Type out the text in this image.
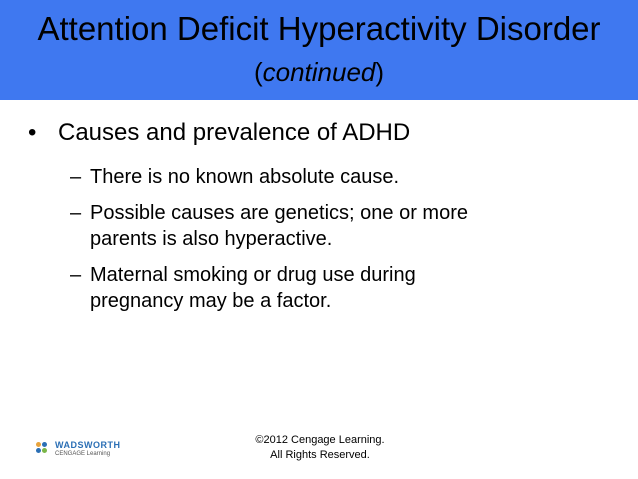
Attention Deficit Hyperactivity Disorder
(continued)
• Causes and prevalence of ADHD
– There is no known absolute cause.
– Possible causes are genetics; one or more
parents is also hyperactive.
– Maternal smoking or drug use during
pregnancy may be a factor.
WADSWORTH
CENGAGE Learning
©2012 Cengage Learning.
All Rights Reserved.
